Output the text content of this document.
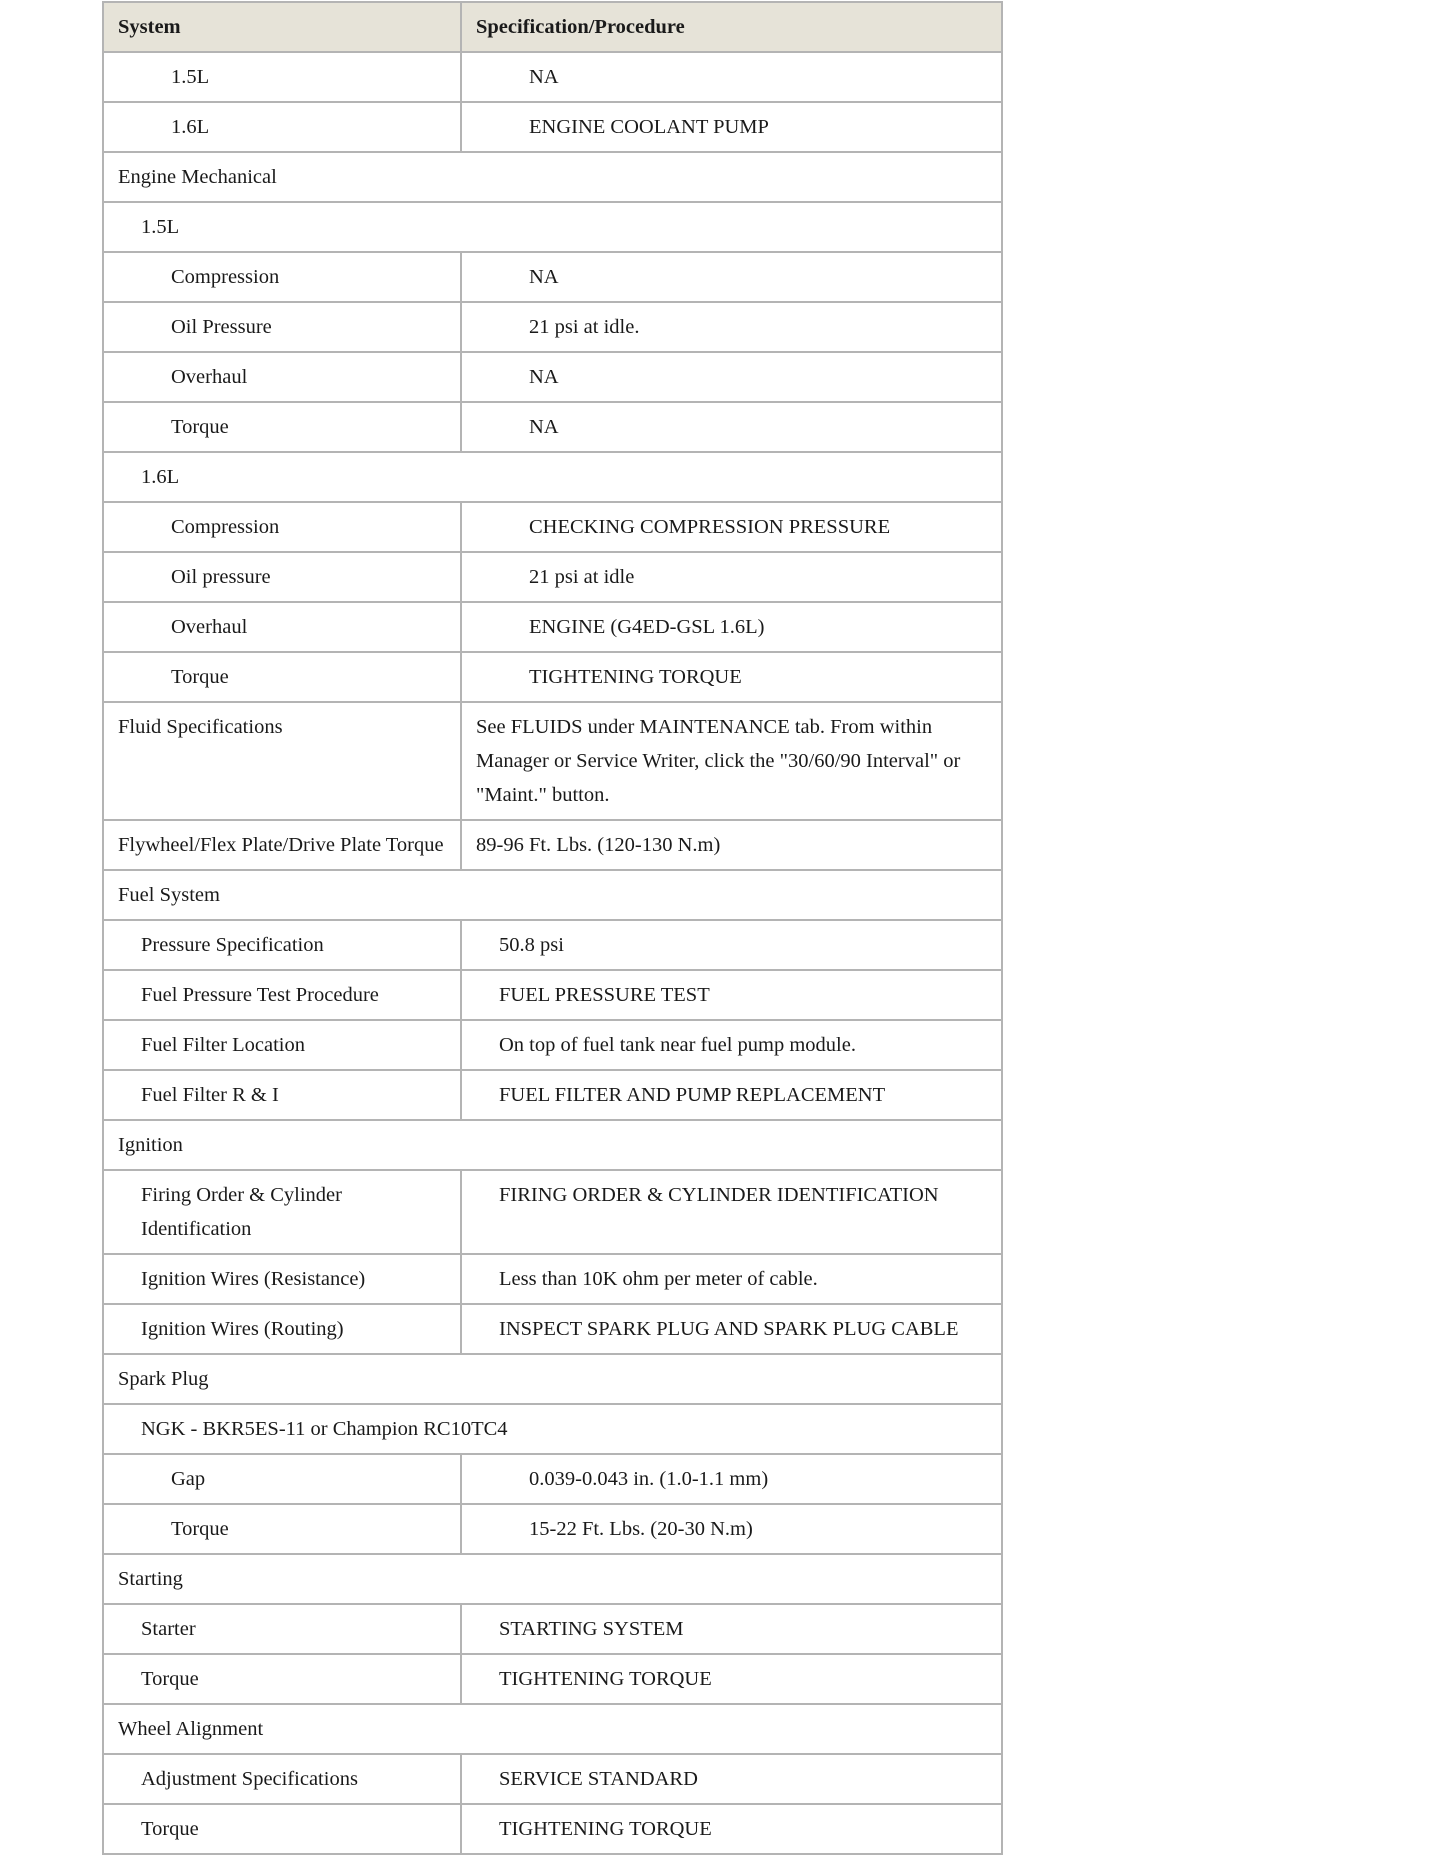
System	Specification/Procedure
1.5L	NA
1.6L	ENGINE COOLANT PUMP
Engine Mechanical	
1.5L	
Compression	NA
Oil Pressure	21 psi at idle.
Overhaul	NA
Torque	NA
1.6L	
Compression	CHECKING COMPRESSION PRESSURE
Oil pressure	21 psi at idle
Overhaul	ENGINE (G4ED-GSL 1.6L)
Torque	TIGHTENING TORQUE
Fluid Specifications	See FLUIDS under MAINTENANCE tab. From within Manager or Service Writer, click the "30/60/90 Interval" or "Maint." button.
Flywheel/Flex Plate/Drive Plate Torque	89-96 Ft. Lbs. (120-130 N.m)
Fuel System	
Pressure Specification	50.8 psi
Fuel Pressure Test Procedure	FUEL PRESSURE TEST
Fuel Filter Location	On top of fuel tank near fuel pump module.
Fuel Filter R & I	FUEL FILTER AND PUMP REPLACEMENT
Ignition	
Firing Order & Cylinder Identification	FIRING ORDER & CYLINDER IDENTIFICATION
Ignition Wires (Resistance)	Less than 10K ohm per meter of cable.
Ignition Wires (Routing)	INSPECT SPARK PLUG AND SPARK PLUG CABLE
Spark Plug	
NGK - BKR5ES-11 or Champion RC10TC4	
Gap	0.039-0.043 in. (1.0-1.1 mm)
Torque	15-22 Ft. Lbs. (20-30 N.m)
Starting	
Starter	STARTING SYSTEM
Torque	TIGHTENING TORQUE
Wheel Alignment	
Adjustment Specifications	SERVICE STANDARD
Torque	TIGHTENING TORQUE
